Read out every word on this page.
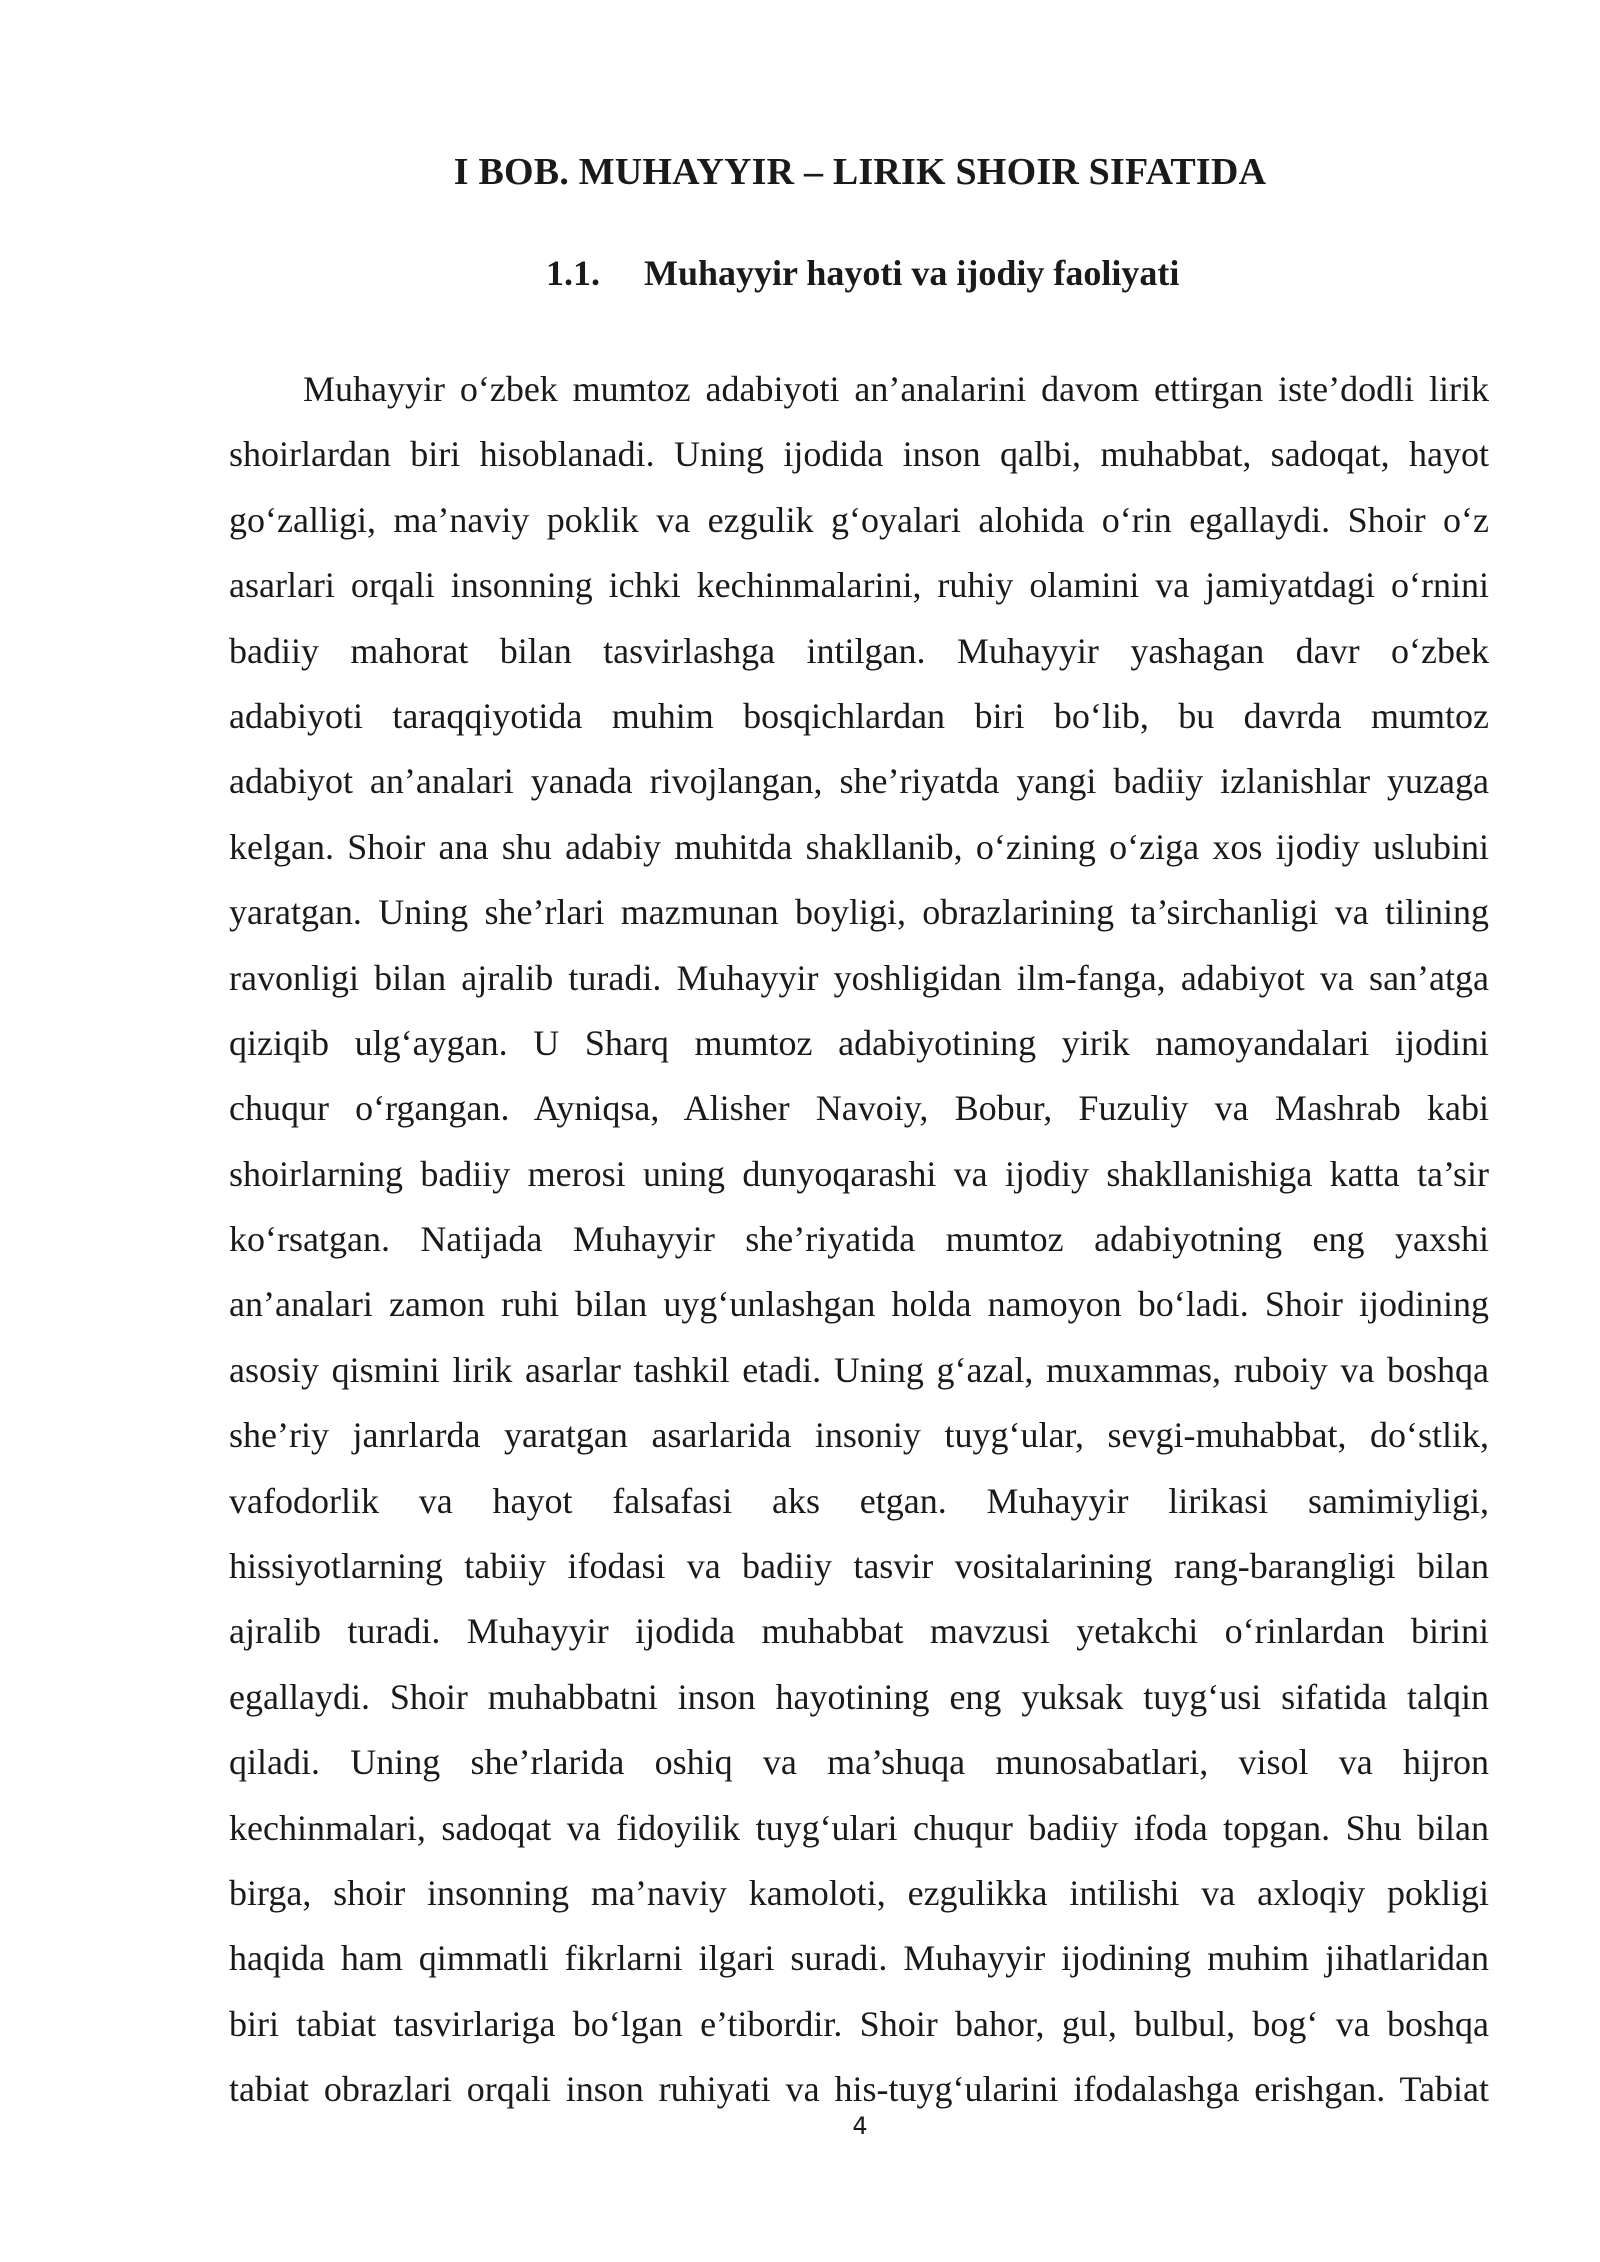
I BOB. MUHAYYIR – LIRIK SHOIR SIFATIDA
1.1. Muhayyir hayoti va ijodiy faoliyati
Muhayyir o‘zbek mumtoz adabiyoti an’analarini davom ettirgan iste’dodli lirik
shoirlardan biri hisoblanadi. Uning ijodida inson qalbi, muhabbat, sadoqat, hayot
go‘zalligi, ma’naviy poklik va ezgulik g‘oyalari alohida o‘rin egallaydi. Shoir o‘z
asarlari orqali insonning ichki kechinmalarini, ruhiy olamini va jamiyatdagi o‘rnini
badiiy mahorat bilan tasvirlashga intilgan. Muhayyir yashagan davr o‘zbek
adabiyoti taraqqiyotida muhim bosqichlardan biri bo‘lib, bu davrda mumtoz
adabiyot an’analari yanada rivojlangan, she’riyatda yangi badiiy izlanishlar yuzaga
kelgan. Shoir ana shu adabiy muhitda shakllanib, o‘zining o‘ziga xos ijodiy uslubini
yaratgan. Uning she’rlari mazmunan boyligi, obrazlarining ta’sirchanligi va tilining
ravonligi bilan ajralib turadi. Muhayyir yoshligidan ilm-fanga, adabiyot va san’atga
qiziqib ulg‘aygan. U Sharq mumtoz adabiyotining yirik namoyandalari ijodini
chuqur o‘rgangan. Ayniqsa, Alisher Navoiy, Bobur, Fuzuliy va Mashrab kabi
shoirlarning badiiy merosi uning dunyoqarashi va ijodiy shakllanishiga katta ta’sir
ko‘rsatgan. Natijada Muhayyir she’riyatida mumtoz adabiyotning eng yaxshi
an’analari zamon ruhi bilan uyg‘unlashgan holda namoyon bo‘ladi. Shoir ijodining
asosiy qismini lirik asarlar tashkil etadi. Uning g‘azal, muxammas, ruboiy va boshqa
she’riy janrlarda yaratgan asarlarida insoniy tuyg‘ular, sevgi-muhabbat, do‘stlik,
vafodorlik va hayot falsafasi aks etgan. Muhayyir lirikasi samimiyligi,
hissiyotlarning tabiiy ifodasi va badiiy tasvir vositalarining rang-barangligi bilan
ajralib turadi. Muhayyir ijodida muhabbat mavzusi yetakchi o‘rinlardan birini
egallaydi. Shoir muhabbatni inson hayotining eng yuksak tuyg‘usi sifatida talqin
qiladi. Uning she’rlarida oshiq va ma’shuqa munosabatlari, visol va hijron
kechinmalari, sadoqat va fidoyilik tuyg‘ulari chuqur badiiy ifoda topgan. Shu bilan
birga, shoir insonning ma’naviy kamoloti, ezgulikka intilishi va axloqiy pokligi
haqida ham qimmatli fikrlarni ilgari suradi. Muhayyir ijodining muhim jihatlaridan
biri tabiat tasvirlariga bo‘lgan e’tibordir. Shoir bahor, gul, bulbul, bog‘ va boshqa
tabiat obrazlari orqali inson ruhiyati va his-tuyg‘ularini ifodalashga erishgan. Tabiat
4
